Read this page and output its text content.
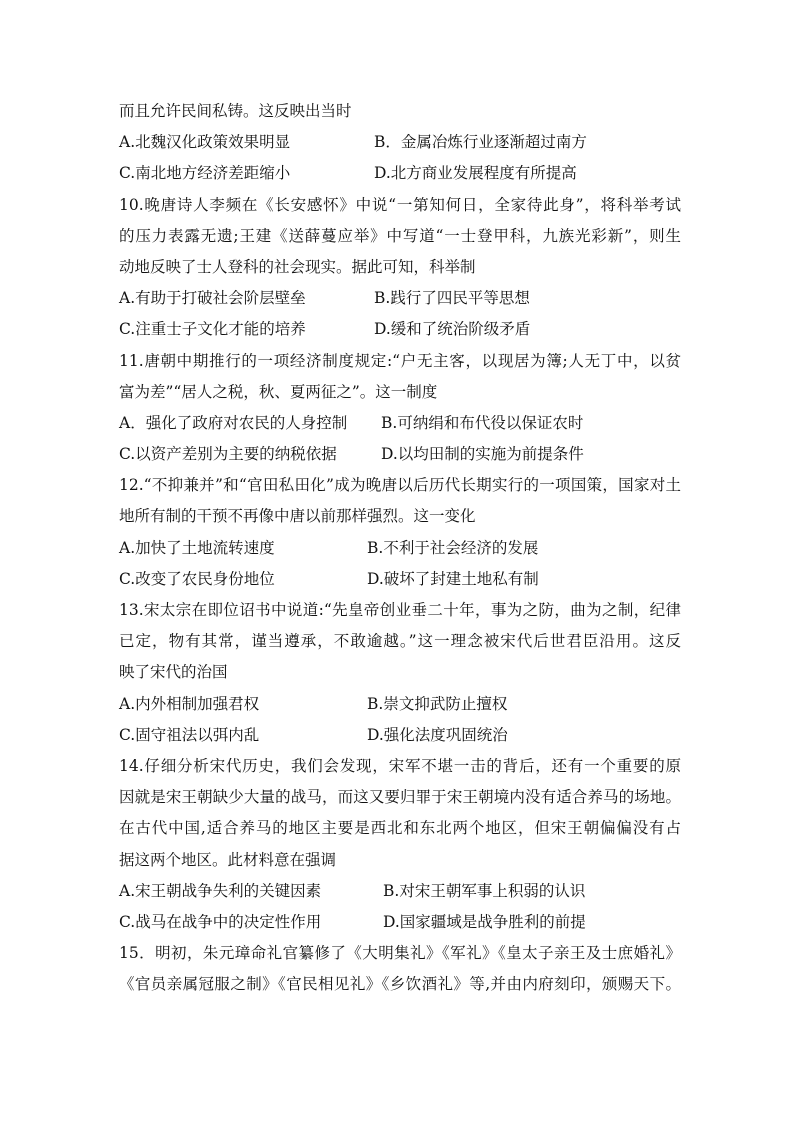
而且允许民间私铸。这反映出当时
A.北魏汉化政策效果明显	B．金属冶炼行业逐渐超过南方
C.南北地方经济差距缩小	D.北方商业发展程度有所提高
10.晚唐诗人李频在《长安感怀》中说“一第知何日，全家待此身”，将科举考试
的压力表露无遗;王建《送薛蔓应举》中写道“一士登甲科，九族光彩新”，则生
动地反映了士人登科的社会现实。据此可知，科举制
A.有助于打破社会阶层壁垒	B.践行了四民平等思想
C.注重士子文化才能的培养	D.缓和了统治阶级矛盾
11.唐朝中期推行的一项经济制度规定:“户无主客，以现居为簿;人无丁中，以贫
富为差”“居人之税，秋、夏两征之”。这一制度
A．强化了政府对农民的人身控制	B.可纳绢和布代役以保证农时
C.以资产差别为主要的纳税依据	D.以均田制的实施为前提条件
12.“不抑兼并”和“官田私田化”成为晚唐以后历代长期实行的一项国策，国家对土
地所有制的干预不再像中唐以前那样强烈。这一变化
A.加快了土地流转速度	B.不利于社会经济的发展
C.改变了农民身份地位	D.破坏了封建土地私有制
13.宋太宗在即位诏书中说道:“先皇帝创业垂二十年，事为之防，曲为之制，纪律
已定，物有其常，谨当遵承，不敢逾越。”这一理念被宋代后世君臣沿用。这反
映了宋代的治国
A.内外相制加强君权	B.崇文抑武防止擅权
C.固守祖法以弭内乱	D.强化法度巩固统治
14.仔细分析宋代历史，我们会发现，宋军不堪一击的背后，还有一个重要的原
因就是宋王朝缺少大量的战马，而这又要归罪于宋王朝境内没有适合养马的场地。
在古代中国,适合养马的地区主要是西北和东北两个地区，但宋王朝偏偏没有占
据这两个地区。此材料意在强调
A.宋王朝战争失利的关键因素	B.对宋王朝军事上积弱的认识
C.战马在战争中的决定性作用	D.国家疆域是战争胜利的前提
15．明初，朱元璋命礼官纂修了《大明集礼》《军礼》《皇太子亲王及士庶婚礼》
《官员亲属冠服之制》《官民相见礼》《乡饮酒礼》等,并由内府刻印，颁赐天下。
